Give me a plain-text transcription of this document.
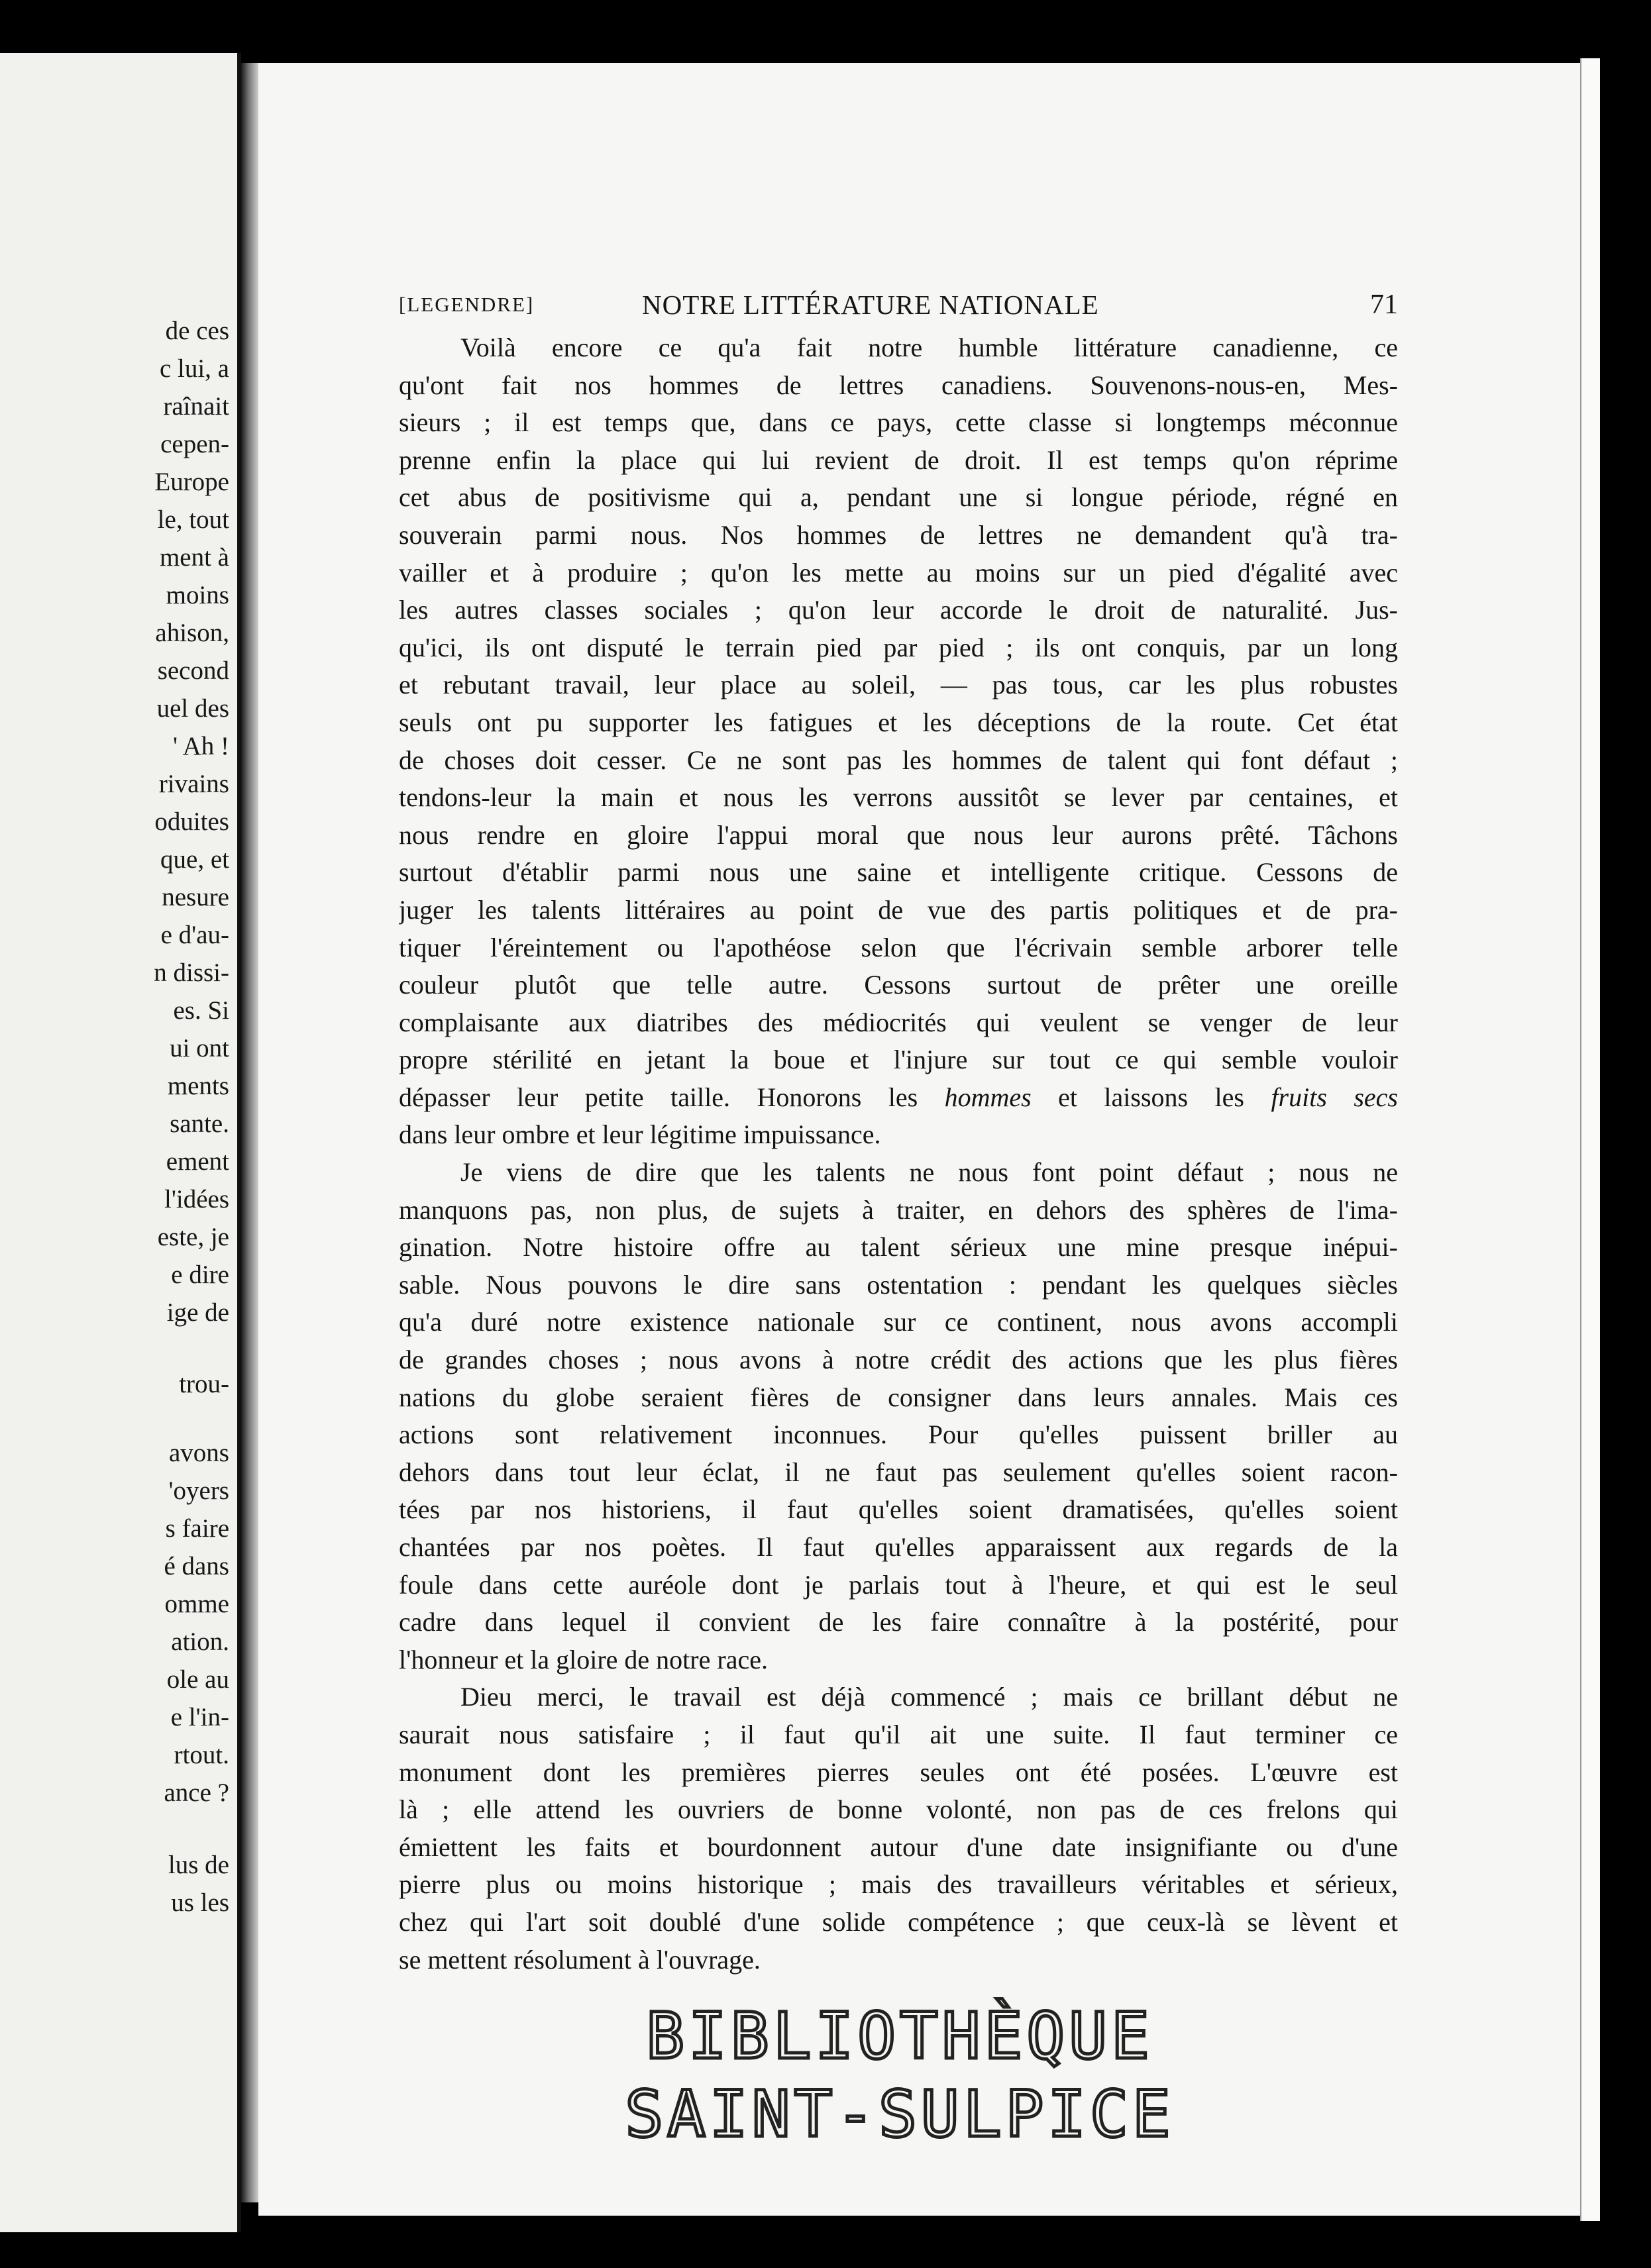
de ces
c lui, a
raînait
cepen-
Europe
le, tout
ment à
moins
ahison,
second
uel des
' Ah !
rivains
oduites
que, et
nesure
e d'au-
n dissi-
es. Si
ui ont
ments
sante.
ement
l'idées
este, je
e dire
ige de
trou-
avons
'oyers
s faire
é dans
omme
ation.
ole au
e l'in-
rtout.
ance ?
lus de
us les
[LEGENDRE]	NOTRE LITTÉRATURE NATIONALE	71
Voilà encore ce qu'a fait notre humble littérature canadienne, ce
qu'ont fait nos hommes de lettres canadiens. Souvenons-nous-en, Mes-
sieurs ; il est temps que, dans ce pays, cette classe si longtemps méconnue
prenne enfin la place qui lui revient de droit. Il est temps qu'on réprime
cet abus de positivisme qui a, pendant une si longue période, régné en
souverain parmi nous. Nos hommes de lettres ne demandent qu'à tra-
vailler et à produire ; qu'on les mette au moins sur un pied d'égalité avec
les autres classes sociales ; qu'on leur accorde le droit de naturalité. Jus-
qu'ici, ils ont disputé le terrain pied par pied ; ils ont conquis, par un long
et rebutant travail, leur place au soleil, — pas tous, car les plus robustes
seuls ont pu supporter les fatigues et les déceptions de la route. Cet état
de choses doit cesser. Ce ne sont pas les hommes de talent qui font défaut ;
tendons-leur la main et nous les verrons aussitôt se lever par centaines, et
nous rendre en gloire l'appui moral que nous leur aurons prêté. Tâchons
surtout d'établir parmi nous une saine et intelligente critique. Cessons de
juger les talents littéraires au point de vue des partis politiques et de pra-
tiquer l'éreintement ou l'apothéose selon que l'écrivain semble arborer telle
couleur plutôt que telle autre. Cessons surtout de prêter une oreille
complaisante aux diatribes des médiocrités qui veulent se venger de leur
propre stérilité en jetant la boue et l'injure sur tout ce qui semble vouloir
dépasser leur petite taille. Honorons les hommes et laissons les fruits secs
dans leur ombre et leur légitime impuissance.
Je viens de dire que les talents ne nous font point défaut ; nous ne
manquons pas, non plus, de sujets à traiter, en dehors des sphères de l'ima-
gination. Notre histoire offre au talent sérieux une mine presque inépui-
sable. Nous pouvons le dire sans ostentation : pendant les quelques siècles
qu'a duré notre existence nationale sur ce continent, nous avons accompli
de grandes choses ; nous avons à notre crédit des actions que les plus fières
nations du globe seraient fières de consigner dans leurs annales. Mais ces
actions sont relativement inconnues. Pour qu'elles puissent briller au
dehors dans tout leur éclat, il ne faut pas seulement qu'elles soient racon-
tées par nos historiens, il faut qu'elles soient dramatisées, qu'elles soient
chantées par nos poètes. Il faut qu'elles apparaissent aux regards de la
foule dans cette auréole dont je parlais tout à l'heure, et qui est le seul
cadre dans lequel il convient de les faire connaître à la postérité, pour
l'honneur et la gloire de notre race.
Dieu merci, le travail est déjà commencé ; mais ce brillant début ne
saurait nous satisfaire ; il faut qu'il ait une suite. Il faut terminer ce
monument dont les premières pierres seules ont été posées. L'œuvre est
là ; elle attend les ouvriers de bonne volonté, non pas de ces frelons qui
émiettent les faits et bourdonnent autour d'une date insignifiante ou d'une
pierre plus ou moins historique ; mais des travailleurs véritables et sérieux,
chez qui l'art soit doublé d'une solide compétence ; que ceux-là se lèvent et
se mettent résolument à l'ouvrage.
BIBLIOTHÈQUE
SAINT-SULPICE
